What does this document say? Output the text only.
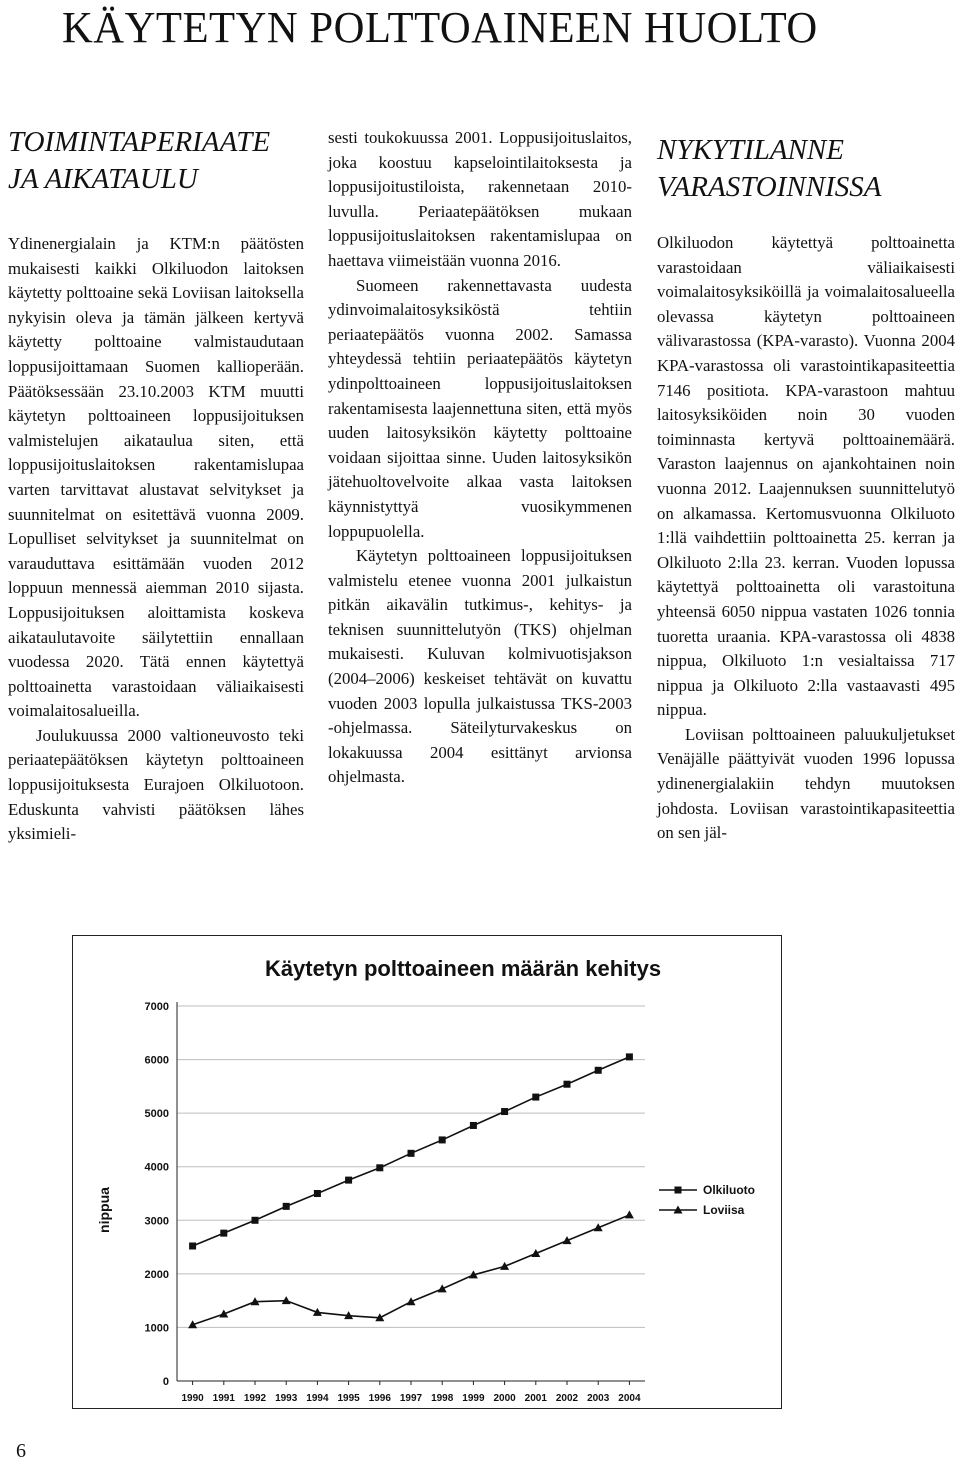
KÄYTETYN POLTTOAINEEN HUOLTO
TOIMINTAPERIAATE
JA AIKATAULU

Ydinenergialain ja KTM:n päätösten mukaisesti kaikki Olkiluodon laitoksen käytetty polttoaine sekä Loviisan laitoksella nykyisin oleva ja tämän jälkeen kertyvä käytetty polttoaine valmistaudutaan loppusijoittamaan Suomen kallioperään. Päätöksessään 23.10.2003 KTM muutti käytetyn polttoaineen loppusijoituksen valmistelujen aikataulua siten, että loppusijoituslaitoksen rakentamislupaa varten tarvittavat alustavat selvitykset ja suunnitelmat on esitettävä vuonna 2009. Lopulliset selvitykset ja suunnitelmat on varauduttava esittämään vuoden 2012 loppuun mennessä aiemman 2010 sijasta. Loppusijoituksen aloittamista koskeva aikataulutavoite säilytettiin ennallaan vuodessa 2020. Tätä ennen käytettyä polttoainetta varastoidaan väliaikaisesti voimalaitosalueilla.

Joulukuussa 2000 valtioneuvosto teki periaatepäätöksen käytetyn polttoaineen loppusijoituksesta Eurajoen Olkiluotoon. Eduskunta vahvisti päätöksen lähes yksimieli-

sesti toukokuussa 2001. Loppusijoituslaitos, joka koostuu kapselointilaitoksesta ja loppusijoitustiloista, rakennetaan 2010-luvulla. Periaatepäätöksen mukaan loppusijoituslaitoksen rakentamislupaa on haettava viimeistään vuonna 2016.

Suomeen rakennettavasta uudesta ydinvoimalaitosyksiköstä tehtiin periaatepäätös vuonna 2002. Samassa yhteydessä tehtiin periaatepäätös käytetyn ydinpolttoaineen loppusijoituslaitoksen rakentamisesta laajennettuna siten, että myös uuden laitosyksikön käytetty polttoaine voidaan sijoittaa sinne. Uuden laitosyksikön jätehuoltovelvoite alkaa vasta laitoksen käynnistyttyä vuosikymmenen loppupuolella.

Käytetyn polttoaineen loppusijoituksen valmistelu etenee vuonna 2001 julkaistun pitkän aikavälin tutkimus-, kehitys- ja teknisen suunnittelutyön (TKS) ohjelman mukaisesti. Kuluvan kolmivuotisjakson (2004–2006) keskeiset tehtävät on kuvattu vuoden 2003 lopulla julkaistussa TKS-2003 -ohjelmassa. Säteilyturvakeskus on lokakuussa 2004 esittänyt arvionsa ohjelmasta.

NYKYTILANNE
VARASTOINNISSA

Olkiluodon käytettyä polttoainetta varastoidaan väliaikaisesti voimalaitosyksiköillä ja voimalaitosalueella olevassa käytetyn polttoaineen välivarastossa (KPA-varasto). Vuonna 2004 KPA-varastossa oli varastointikapasiteettia 7146 positiota. KPA-varastoon mahtuu laitosyksiköiden noin 30 vuoden toiminnasta kertyvä polttoainemäärä. Varaston laajennus on ajankohtainen noin vuonna 2012. Laajennuksen suunnittelutyö on alkamassa. Kertomusvuonna Olkiluoto 1:llä vaihdettiin polttoainetta 25. kerran ja Olkiluoto 2:lla 23. kerran. Vuoden lopussa käytettyä polttoainetta oli varastoituna yhteensä 6050 nippua vastaten 1026 tonnia tuoretta uraania. KPA-varastossa oli 4838 nippua, Olkiluoto 1:n vesialtaissa 717 nippua ja Olkiluoto 2:lla vastaavasti 495 nippua.

Loviisan polttoaineen paluukuljetukset Venäjälle päättyivät vuoden 1996 lopussa ydinenergialakiin tehdyn muutoksen johdosta. Loviisan varastointikapasiteettia on sen jäl-

Käytetyn polttoaineen määrän kehitys
nippua
0
1000
2000
3000
4000
5000
6000
7000
1990 1991 1992 1993 1994 1995 1996 1997 1998 1999 2000 2001 2002 2003 2004
Olkiluoto
Loviisa
6
